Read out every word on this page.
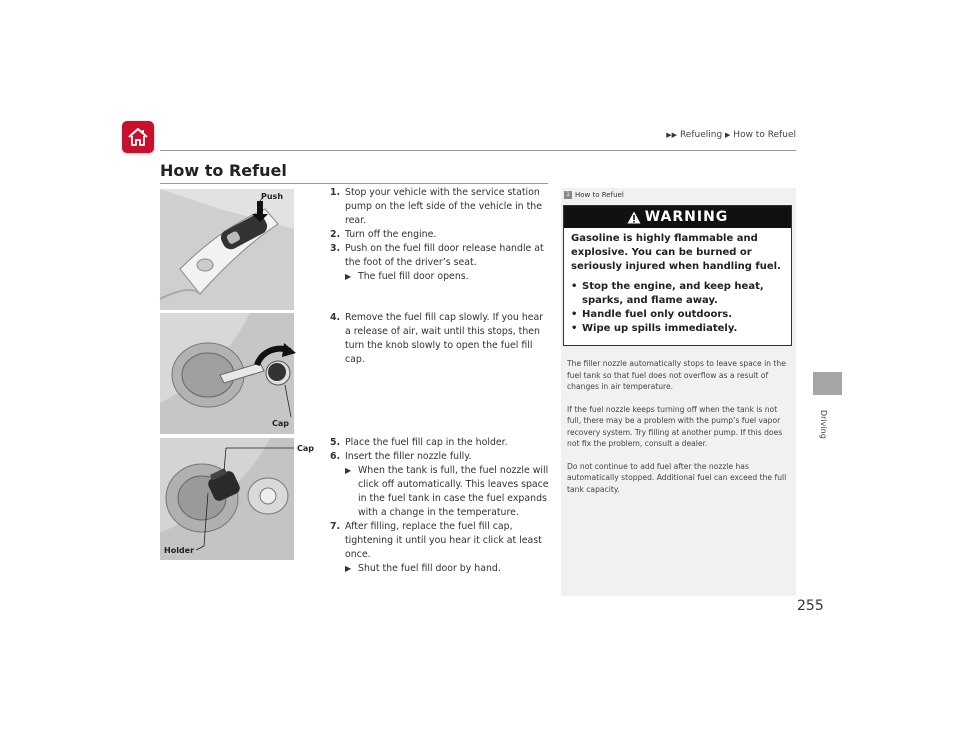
▶▶ Refueling ▶ How to Refuel
How to Refuel
Driving
Push
Cap
Cap
Holder
1. Stop your vehicle with the service station pump on the left side of the vehicle in the rear.
2. Turn off the engine.
3. Push on the fuel fill door release handle at the foot of the driver’s seat.
▶ The fuel fill door opens.
4. Remove the fuel fill cap slowly. If you hear a release of air, wait until this stops, then turn the knob slowly to open the fuel fill cap.
5. Place the fuel fill cap in the holder.
6. Insert the filler nozzle fully.
▶ When the tank is full, the fuel nozzle will click off automatically. This leaves space in the fuel tank in case the fuel expands with a change in the temperature.
7. After filling, replace the fuel fill cap, tightening it until you hear it click at least once.
▶ Shut the fuel fill door by hand.
1 How to Refuel
WARNING

Gasoline is highly flammable and explosive. You can be burned or seriously injured when handling fuel.

• Stop the engine, and keep heat, sparks, and flame away.
• Handle fuel only outdoors.
• Wipe up spills immediately.

The filler nozzle automatically stops to leave space in the fuel tank so that fuel does not overflow as a result of changes in air temperature.

If the fuel nozzle keeps turning off when the tank is not full, there may be a problem with the pump’s fuel vapor recovery system. Try filling at another pump. If this does not fix the problem, consult a dealer.

Do not continue to add fuel after the nozzle has automatically stopped. Additional fuel can exceed the full tank capacity.

255
